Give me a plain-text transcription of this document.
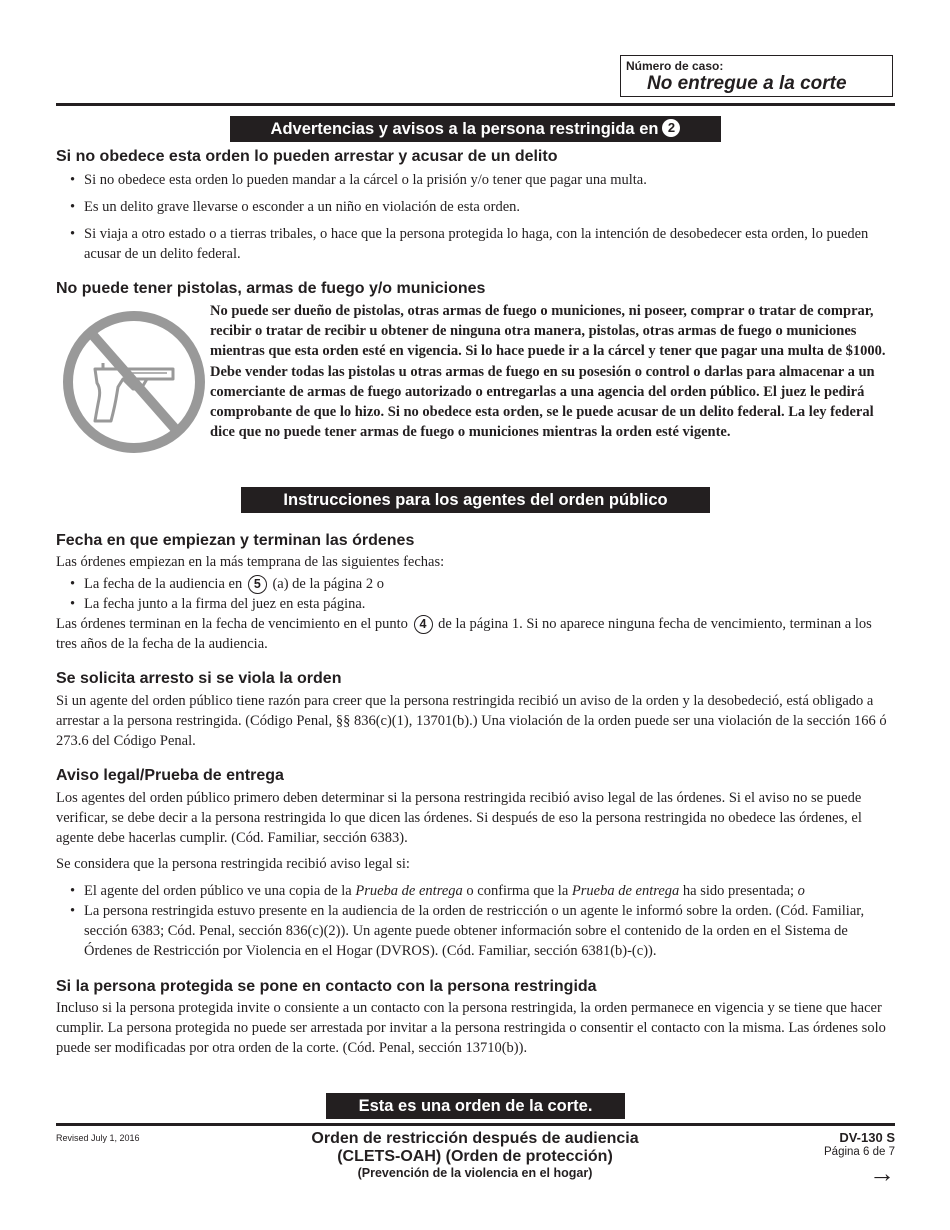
Número de caso:
No entregue a la corte
Advertencias y avisos a la persona restringida en 2
Si no obedece esta orden lo pueden arrestar y acusar de un delito
• Si no obedece esta orden lo pueden mandar a la cárcel o la prisión y/o tener que pagar una multa.
• Es un delito grave llevarse o esconder a un niño en violación de esta orden.
• Si viaja a otro estado o a tierras tribales, o hace que la persona protegida lo haga, con la intención de desobedecer esta orden, lo pueden acusar de un delito federal.
No puede tener pistolas, armas de fuego y/o municiones
No puede ser dueño de pistolas, otras armas de fuego o municiones, ni poseer, comprar o tratar de comprar, recibir o tratar de recibir u obtener de ninguna otra manera, pistolas, otras armas de fuego o municiones mientras que esta orden esté en vigencia. Si lo hace puede ir a la cárcel y tener que pagar una multa de $1000. Debe vender todas las pistolas u otras armas de fuego en su posesión o control o darlas para almacenar a un comerciante de armas de fuego autorizado o entregarlas a una agencia del orden público. El juez le pedirá comprobante de que lo hizo. Si no obedece esta orden, se le puede acusar de un delito federal. La ley federal dice que no puede tener armas de fuego o municiones mientras la orden esté vigente.
Instrucciones para los agentes del orden público
Fecha en que empiezan y terminan las órdenes
Las órdenes empiezan en la más temprana de las siguientes fechas:
• La fecha de la audiencia en 5 (a) de la página 2 o
• La fecha junto a la firma del juez en esta página.
Las órdenes terminan en la fecha de vencimiento en el punto 4 de la página 1. Si no aparece ninguna fecha de vencimiento, terminan a los tres años de la fecha de la audiencia.
Se solicita arresto si se viola la orden
Si un agente del orden público tiene razón para creer que la persona restringida recibió un aviso de la orden y la desobedeció, está obligado a arrestar a la persona restringida. (Código Penal, §§ 836(c)(1), 13701(b).) Una violación de la orden puede ser una violación de la sección 166 ó 273.6 del Código Penal.
Aviso legal/Prueba de entrega
Los agentes del orden público primero deben determinar si la persona restringida recibió aviso legal de las órdenes. Si el aviso no se puede verificar, se debe decir a la persona restringida lo que dicen las órdenes. Si después de eso la persona restringida no obedece las órdenes, el agente debe hacerlas cumplir. (Cód. Familiar, sección 6383).
Se considera que la persona restringida recibió aviso legal si:
• El agente del orden público ve una copia de la Prueba de entrega o confirma que la Prueba de entrega ha sido presentada; o
• La persona restringida estuvo presente en la audiencia de la orden de restricción o un agente le informó sobre la orden. (Cód. Familiar, sección 6383; Cód. Penal, sección 836(c)(2)). Un agente puede obtener información sobre el contenido de la orden en el Sistema de Órdenes de Restricción por Violencia en el Hogar (DVROS). (Cód. Familiar, sección 6381(b)-(c)).
Si la persona protegida se pone en contacto con la persona restringida
Incluso si la persona protegida invite o consiente a un contacto con la persona restringida, la orden permanece en vigencia y se tiene que hacer cumplir. La persona protegida no puede ser arrestada por invitar a la persona restringida o consentir el contacto con la misma. Las órdenes solo puede ser modificadas por otra orden de la corte. (Cód. Penal, sección 13710(b)).
Esta es una orden de la corte.
Revised July 1, 2016	Orden de restricción después de audiencia
(CLETS-OAH) (Orden de protección)
(Prevención de la violencia en el hogar)
DV-130 S
Página 6 de 7
→
